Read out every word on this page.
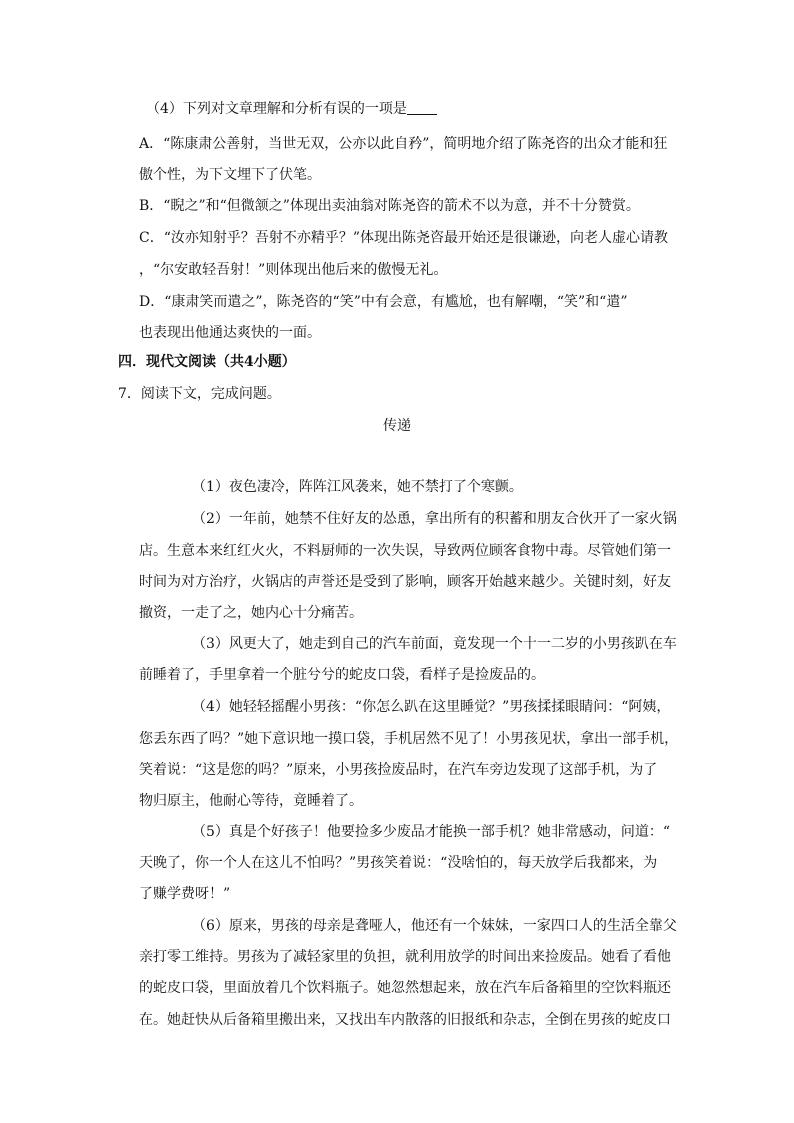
（4）下列对文章理解和分析有误的一项是
A．“陈康肃公善射，当世无双，公亦以此自矜”，简明地介绍了陈尧咨的出众才能和狂
傲个性，为下文埋下了伏笔。
B．“睨之”和“但微颔之”体现出卖油翁对陈尧咨的箭术不以为意，并不十分赞赏。
C．“汝亦知射乎？吾射不亦精乎？”体现出陈尧咨最开始还是很谦逊，向老人虚心请教
，“尔安敢轻吾射！”则体现出他后来的傲慢无礼。
D．“康肃笑而遣之”，陈尧咨的“笑”中有会意，有尴尬，也有解嘲，“笑”和“遣”
也表现出他通达爽快的一面。
四．现代文阅读（共4小题）
7．阅读下文，完成问题。
传递
（1）夜色凄冷，阵阵江风袭来，她不禁打了个寒颤。
（2）一年前，她禁不住好友的怂恿，拿出所有的积蓄和朋友合伙开了一家火锅
店。生意本来红红火火，不料厨师的一次失误，导致两位顾客食物中毒。尽管她们第一
时间为对方治疗，火锅店的声誉还是受到了影响，顾客开始越来越少。关键时刻，好友
撤资，一走了之，她内心十分痛苦。
（3）风更大了，她走到自己的汽车前面，竟发现一个十一二岁的小男孩趴在车
前睡着了，手里拿着一个脏兮兮的蛇皮口袋，看样子是捡废品的。
（4）她轻轻摇醒小男孩：“你怎么趴在这里睡觉？”男孩揉揉眼睛问：“阿姨，
您丢东西了吗？”她下意识地一摸口袋，手机居然不见了！小男孩见状，拿出一部手机，
笑着说：“这是您的吗？”原来，小男孩捡废品时，在汽车旁边发现了这部手机，为了
物归原主，他耐心等待，竟睡着了。
（5）真是个好孩子！他要捡多少废品才能换一部手机？她非常感动，问道：“
天晚了，你一个人在这儿不怕吗？”男孩笑着说：“没啥怕的，每天放学后我都来，为
了赚学费呀！”
（6）原来，男孩的母亲是聋哑人，他还有一个妹妹，一家四口人的生活全靠父
亲打零工维持。男孩为了减轻家里的负担，就利用放学的时间出来捡废品。她看了看他
的蛇皮口袋，里面放着几个饮料瓶子。她忽然想起来，放在汽车后备箱里的空饮料瓶还
在。她赶快从后备箱里搬出来，又找出车内散落的旧报纸和杂志，全倒在男孩的蛇皮口
